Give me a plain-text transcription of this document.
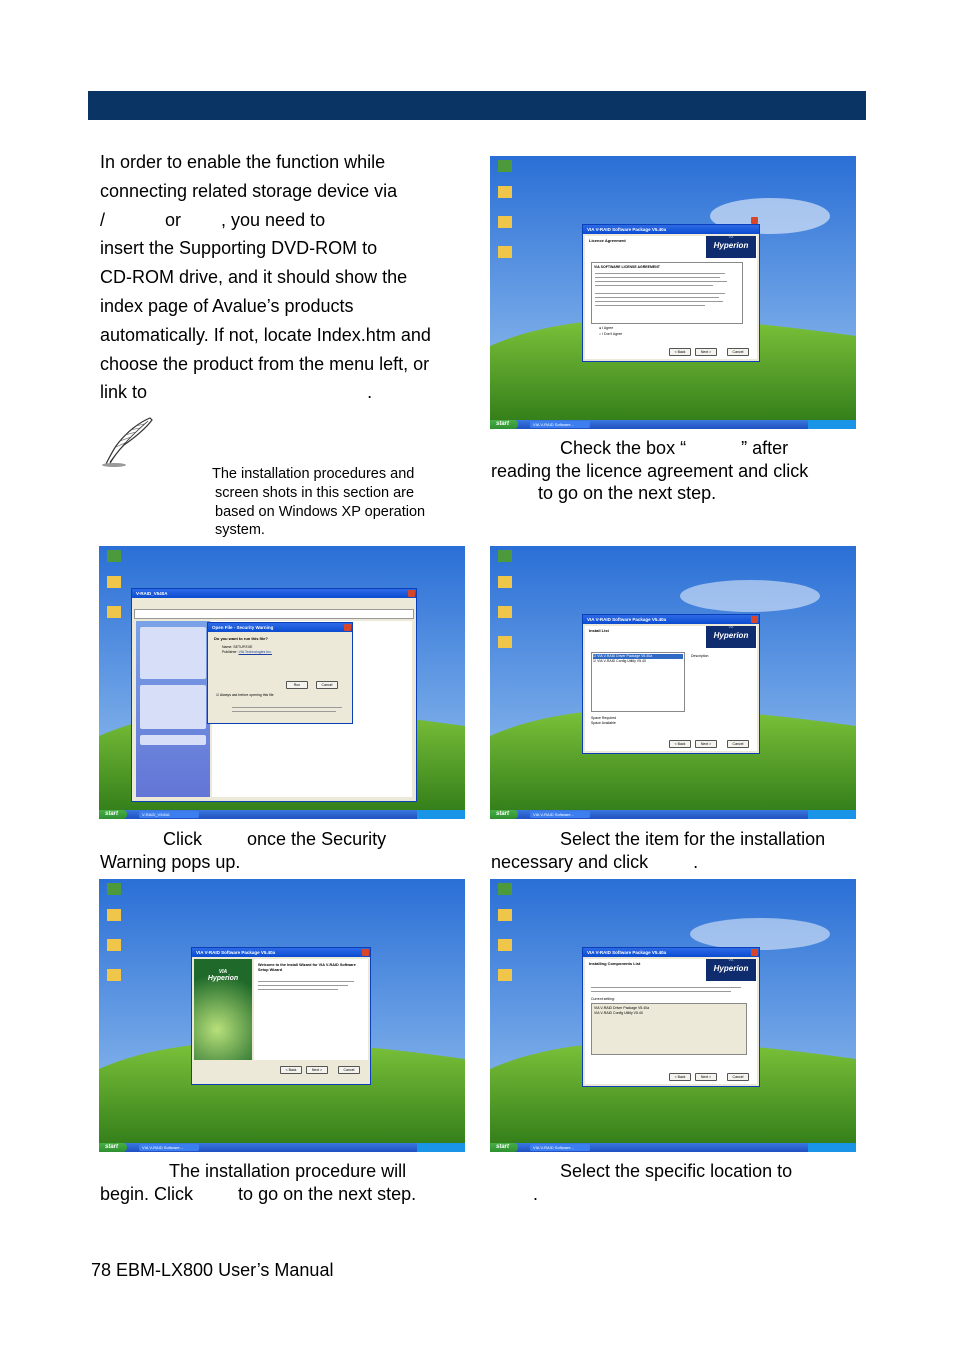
In order to enable the function while

connecting related storage device via

/            or        , you need to

insert the Supporting DVD-ROM to

CD-ROM drive, and it should show the

index page of Avalue’s products

automatically. If not, locate Index.htm and

choose the product from the menu left, or

link to                                            .

The installation procedures and
screen shots in this section are
based on Windows XP operation
system.
VIA V-RAID Software Package V5.40a
Licence Agreement
VIA
Hyperion
VIA SOFTWARE LICENSE AGREEMENT
● I Agree
○ I Don't Agree
< Back	Next >	Cancel
start	VIA V-RAID Software...
V-RAID_V540A
Open File - Security Warning
Do you want to run this file?
Name: SETUP.EXE
Publisher: VIA Technologies Inc.
Run	Cancel
☑ Always ask before opening this file
start	V-RAID_V540A
VIA V-RAID Software Package V5.40a
Install List
VIA
Hyperion
☑ VIA V-RAID Driver Package V5.40a
☑ VIA V-RAID Config Utility V5.40
Description
Space Required
Space Available
< Back	Next >	Cancel
start	VIA V-RAID Software...
VIA V-RAID Software Package V5.40a
VIA
Hyperion
Welcome to the Install Wizard for VIA V-RAID Software Setup Wizard
< Back	Next >	Cancel
start	VIA V-RAID Software...
VIA V-RAID Software Package V5.40a
Installing Components List
VIA
Hyperion
Current setting:
VIA V-RAID Driver Package V5.40a
VIA V-RAID Config Utility V5.40
< Back	Next >	Cancel
start	VIA V-RAID Software...
Check the box “           ” after
reading the licence agreement and click
to go on the next step.
Click         once the Security
Warning pops up.
Select the item for the installation
necessary and click         .
The installation procedure will
begin. Click         to go on the next step.
Select the specific location to
.
78 EBM-LX800 User’s Manual
